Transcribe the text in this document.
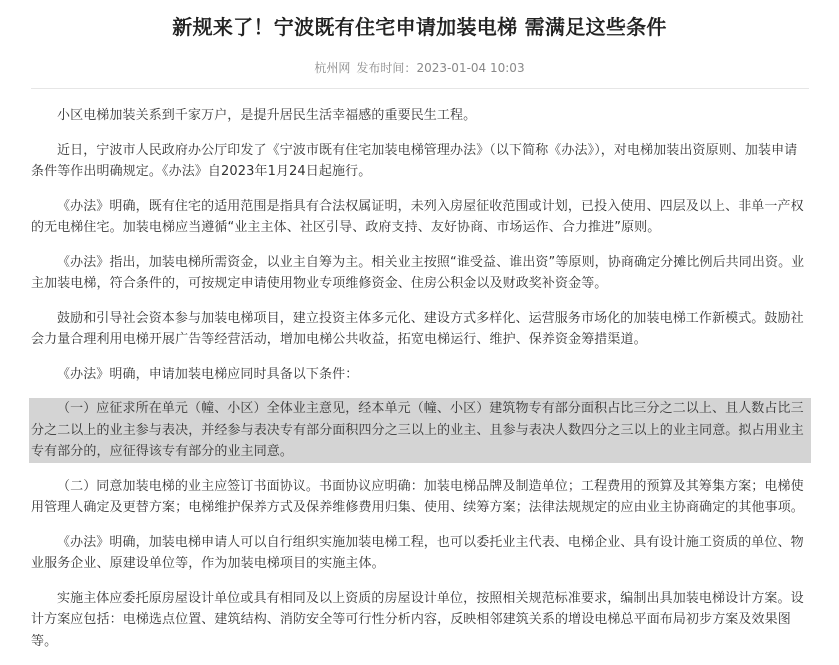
新规来了！宁波既有住宅申请加装电梯 需满足这些条件
杭州网 发布时间：2023-01-04 10:03

小区电梯加装关系到千家万户，是提升居民生活幸福感的重要民生工程。

近日，宁波市人民政府办公厅印发了《宁波市既有住宅加装电梯管理办法》（以下简称《办法》），对电梯加装出资原则、加装申请条件等作出明确规定。《办法》自2023年1月24日起施行。

《办法》明确，既有住宅的适用范围是指具有合法权属证明，未列入房屋征收范围或计划，已投入使用、四层及以上、非单一产权的无电梯住宅。加装电梯应当遵循“业主主体、社区引导、政府支持、友好协商、市场运作、合力推进”原则。

《办法》指出，加装电梯所需资金，以业主自筹为主。相关业主按照“谁受益、谁出资”等原则，协商确定分摊比例后共同出资。业主加装电梯，符合条件的，可按规定申请使用物业专项维修资金、住房公积金以及财政奖补资金等。

鼓励和引导社会资本参与加装电梯项目，建立投资主体多元化、建设方式多样化、运营服务市场化的加装电梯工作新模式。鼓励社会力量合理利用电梯开展广告等经营活动，增加电梯公共收益，拓宽电梯运行、维护、保养资金筹措渠道。

《办法》明确，申请加装电梯应同时具备以下条件：

（一）应征求所在单元（幢、小区）全体业主意见，经本单元（幢、小区）建筑物专有部分面积占比三分之二以上、且人数占比三分之二以上的业主参与表决，并经参与表决专有部分面积四分之三以上的业主、且参与表决人数四分之三以上的业主同意。拟占用业主专有部分的，应征得该专有部分的业主同意。

（二）同意加装电梯的业主应签订书面协议。书面协议应明确：加装电梯品牌及制造单位；工程费用的预算及其筹集方案；电梯使用管理人确定及更替方案；电梯维护保养方式及保养维修费用归集、使用、续筹方案；法律法规规定的应由业主协商确定的其他事项。

《办法》明确，加装电梯申请人可以自行组织实施加装电梯工程，也可以委托业主代表、电梯企业、具有设计施工资质的单位、物业服务企业、原建设单位等，作为加装电梯项目的实施主体。

实施主体应委托原房屋设计单位或具有相同及以上资质的房屋设计单位，按照相关规范标准要求，编制出具加装电梯设计方案。设计方案应包括：电梯选点位置、建筑结构、消防安全等可行性分析内容，反映相邻建筑关系的增设电梯总平面布局初步方案及效果图等。
